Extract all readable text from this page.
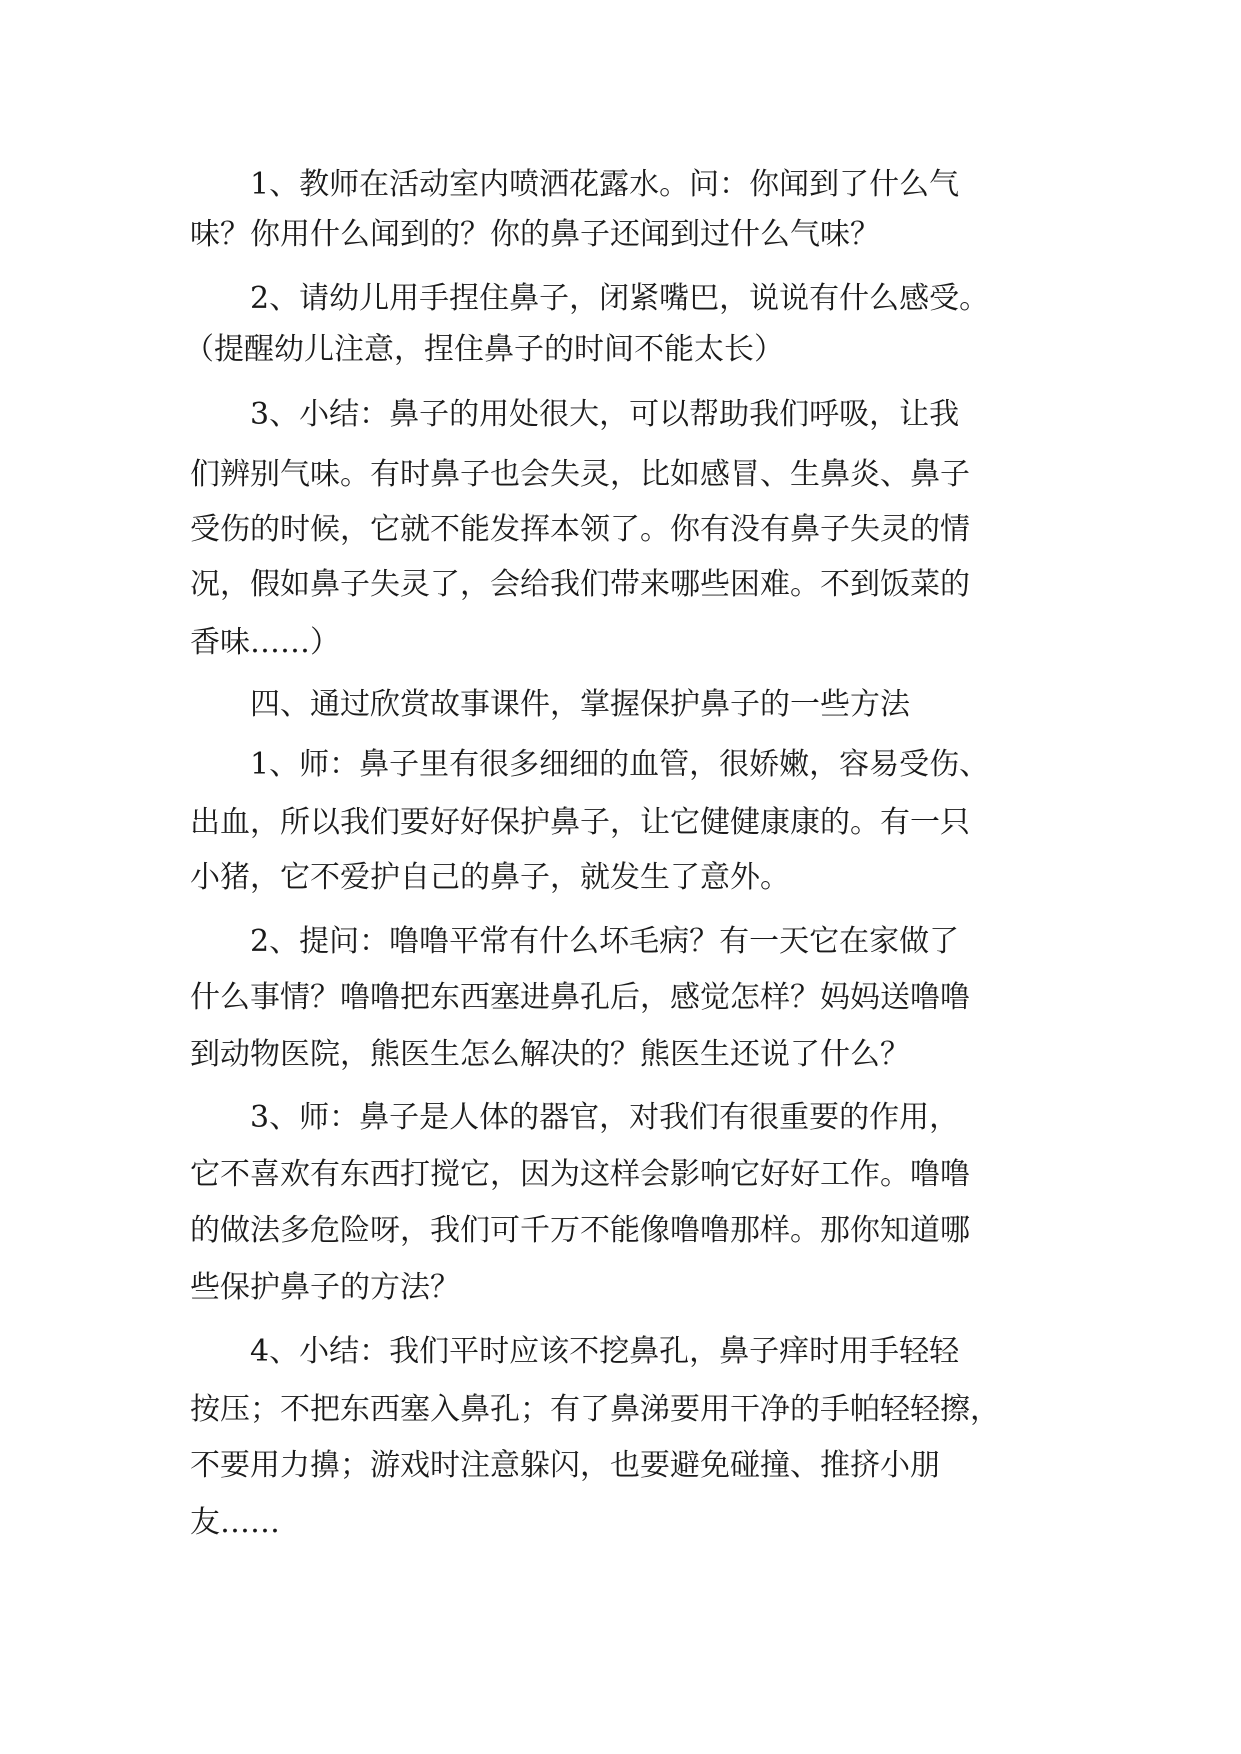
1、教师在活动室内喷洒花露水。问：你闻到了什么气

味？你用什么闻到的？你的鼻子还闻到过什么气味？

2、请幼儿用手捏住鼻子，闭紧嘴巴，说说有什么感受。

（提醒幼儿注意，捏住鼻子的时间不能太长）

3、小结：鼻子的用处很大，可以帮助我们呼吸，让我

们辨别气味。有时鼻子也会失灵，比如感冒、生鼻炎、鼻子

受伤的时候，它就不能发挥本领了。你有没有鼻子失灵的情

况，假如鼻子失灵了，会给我们带来哪些困难。不到饭菜的

香味……）

四、通过欣赏故事课件，掌握保护鼻子的一些方法

1、师：鼻子里有很多细细的血管，很娇嫩，容易受伤、

出血，所以我们要好好保护鼻子，让它健健康康的。有一只

小猪，它不爱护自己的鼻子，就发生了意外。

2、提问：噜噜平常有什么坏毛病？有一天它在家做了

什么事情？噜噜把东西塞进鼻孔后，感觉怎样？妈妈送噜噜

到动物医院，熊医生怎么解决的？熊医生还说了什么？

3、师：鼻子是人体的器官，对我们有很重要的作用，

它不喜欢有东西打搅它，因为这样会影响它好好工作。噜噜

的做法多危险呀，我们可千万不能像噜噜那样。那你知道哪

些保护鼻子的方法？

4、小结：我们平时应该不挖鼻孔，鼻子痒时用手轻轻

按压；不把东西塞入鼻孔；有了鼻涕要用干净的手帕轻轻擦，

不要用力擤；游戏时注意躲闪，也要避免碰撞、推挤小朋

友……
